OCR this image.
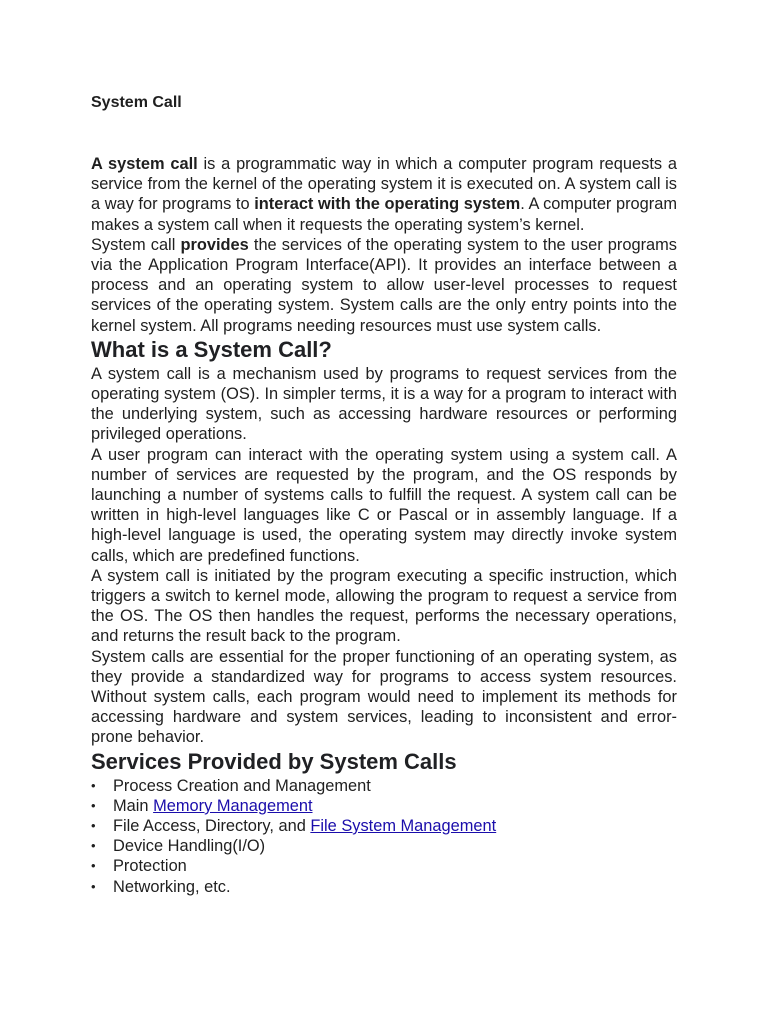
System Call

A system call is a programmatic way in which a computer program requests a service from the kernel of the operating system it is executed on. A system call is a way for programs to interact with the operating system. A computer program makes a system call when it requests the operating system’s kernel.

System call provides the services of the operating system to the user programs via the Application Program Interface(API). It provides an interface between a process and an operating system to allow user-level processes to request services of the operating system. System calls are the only entry points into the kernel system. All programs needing resources must use system calls.

What is a System Call?

A system call is a mechanism used by programs to request services from the operating system (OS). In simpler terms, it is a way for a program to interact with the underlying system, such as accessing hardware resources or performing privileged operations.

A user program can interact with the operating system using a system call. A number of services are requested by the program, and the OS responds by launching a number of systems calls to fulfill the request. A system call can be written in high-level languages like C or Pascal or in assembly language. If a high-level language is used, the operating system may directly invoke system calls, which are predefined functions.

A system call is initiated by the program executing a specific instruction, which triggers a switch to kernel mode, allowing the program to request a service from the OS. The OS then handles the request, performs the necessary operations, and returns the result back to the program.

System calls are essential for the proper functioning of an operating system, as they provide a standardized way for programs to access system resources. Without system calls, each program would need to implement its methods for accessing hardware and system services, leading to inconsistent and error-prone behavior.

Services Provided by System Calls
• Process Creation and Management
• Main Memory Management
• File Access, Directory, and File System Management
• Device Handling(I/O)
• Protection
• Networking, etc.
